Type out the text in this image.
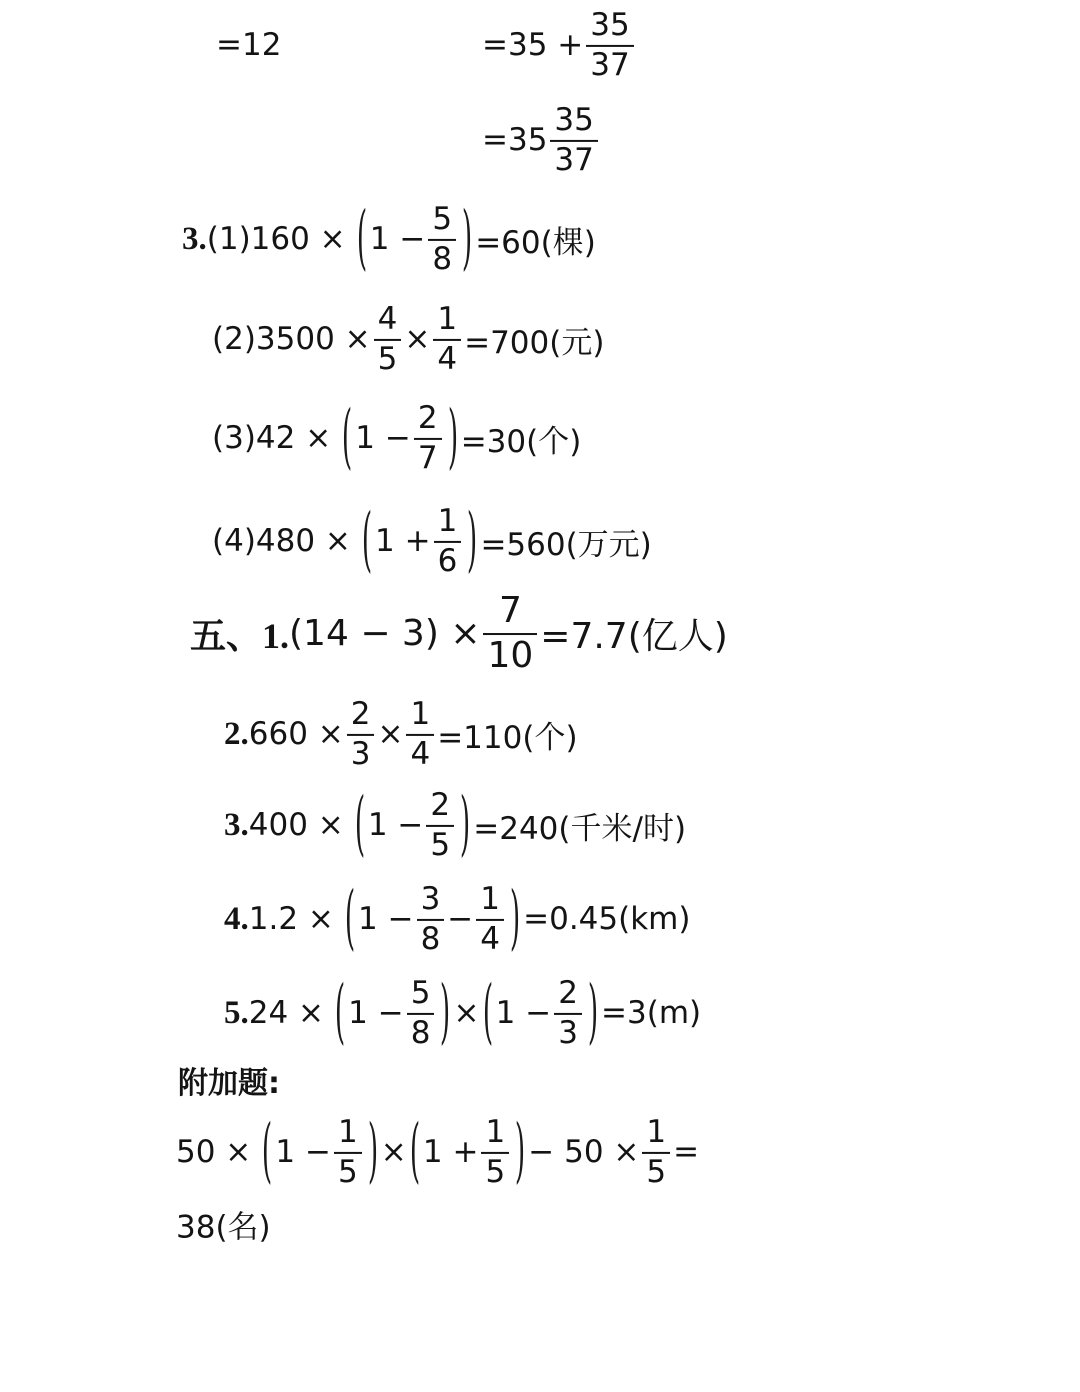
=12	$=35 + \frac{35}{37}$
$=35 \frac{35}{37}$
3. (1)160 × ( $1 - \frac{5}{8}$ ) =60(棵)
$(2)3500 \times \frac{4}{5} \times \frac{1}{4} =700$(元)
(3)42 × ( $1 - \frac{2}{7}$ ) =30(个)
(4)480 × ( $1 + \frac{1}{6}$ ) =560(万元)
五、1. $(14 - 3) \times \frac{7}{10} =7.7$(亿人)
2. $660 \times \frac{2}{3} \times \frac{1}{4} =110$(个)
3. 400 × ( $1 - \frac{2}{5}$ ) =240(千米/时)
4. 1.2 × ( $1 - \frac{3}{8} - \frac{1}{4}$ ) =0.45(km)
5. 24 × ( $1 - \frac{5}{8}$ ) × ( $1 - \frac{2}{3}$ ) =3(m)
附加题:
50 × ( $1 - \frac{1}{5}$ ) × ( $1 + \frac{1}{5}$ ) − $50 \times \frac{1}{5}$ =
38(名)
